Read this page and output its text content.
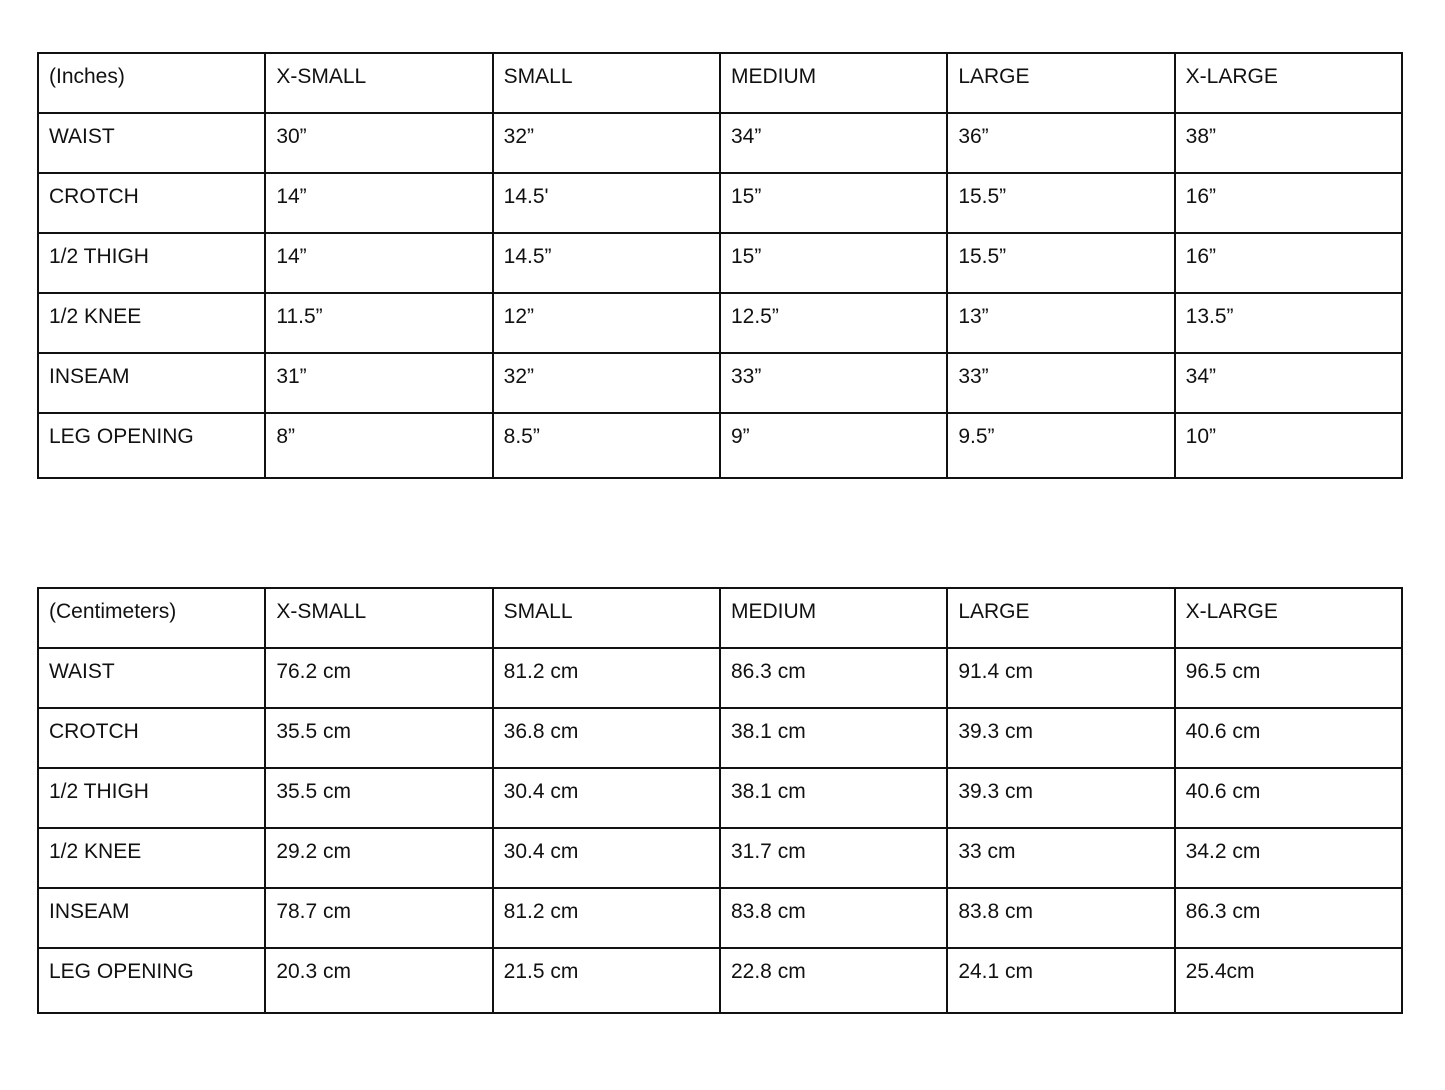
(Inches)	X-SMALL	SMALL	MEDIUM	LARGE	X-LARGE
WAIST	30”	32”	34”	36”	38”
CROTCH	14”	14.5'	15”	15.5”	16”
1/2 THIGH	14”	14.5”	15”	15.5”	16”
1/2 KNEE	11.5”	12”	12.5”	13”	13.5”
INSEAM	31”	32”	33”	33”	34”
LEG OPENING	8”	8.5”	9”	9.5”	10”
(Centimeters)	X-SMALL	SMALL	MEDIUM	LARGE	X-LARGE
WAIST	76.2 cm	81.2 cm	86.3 cm	91.4 cm	96.5 cm
CROTCH	35.5 cm	36.8 cm	38.1 cm	39.3 cm	40.6 cm
1/2 THIGH	35.5 cm	30.4 cm	38.1 cm	39.3 cm	40.6 cm
1/2 KNEE	29.2 cm	30.4 cm	31.7 cm	33 cm	34.2 cm
INSEAM	78.7 cm	81.2 cm	83.8 cm	83.8 cm	86.3 cm
LEG OPENING	20.3 cm	21.5 cm	22.8 cm	24.1 cm	25.4cm
